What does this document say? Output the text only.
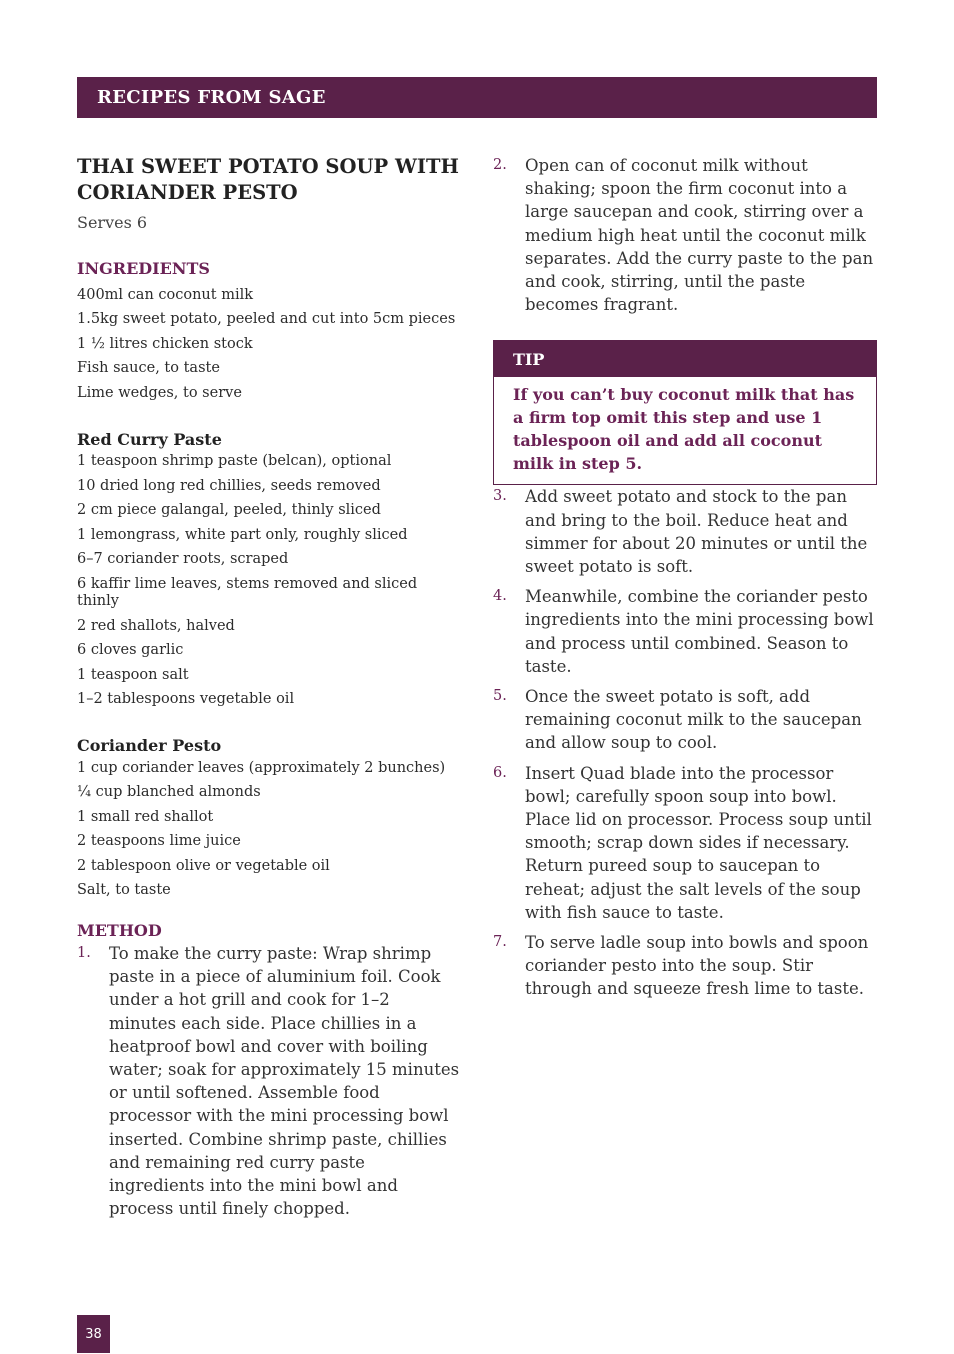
RECIPES FROM SAGE
THAI SWEET POTATO SOUP WITH CORIANDER PESTO
Serves 6
INGREDIENTS
400ml can coconut milk
1.5kg sweet potato, peeled and cut into 5cm pieces
1 ½ litres chicken stock
Fish sauce, to taste
Lime wedges, to serve
Red Curry Paste
1 teaspoon shrimp paste (belcan), optional
10 dried long red chillies, seeds removed
2 cm piece galangal, peeled, thinly sliced
1 lemongrass, white part only, roughly sliced
6–7 coriander roots, scraped
6 kaffir lime leaves, stems removed and sliced thinly
2 red shallots, halved
6 cloves garlic
1 teaspoon salt
1–2 tablespoons vegetable oil
Coriander Pesto
1 cup coriander leaves (approximately 2 bunches)
¼ cup blanched almonds
1 small red shallot
2 teaspoons lime juice
2 tablespoon olive or vegetable oil
Salt, to taste
METHOD
1. To make the curry paste: Wrap shrimp paste in a piece of aluminium foil. Cook under a hot grill and cook for 1–2 minutes each side. Place chillies in a heatproof bowl and cover with boiling water; soak for approximately 15 minutes or until softened. Assemble food processor with the mini processing bowl inserted. Combine shrimp paste, chillies and remaining red curry paste ingredients into the mini bowl and process until finely chopped.
2. Open can of coconut milk without shaking; spoon the firm coconut into a large saucepan and cook, stirring over a medium high heat until the coconut milk separates. Add the curry paste to the pan and cook, stirring, until the paste becomes fragrant.
TIP
If you can’t buy coconut milk that has a firm top omit this step and use 1 tablespoon oil and add all coconut milk in step 5.
3. Add sweet potato and stock to the pan and bring to the boil. Reduce heat and simmer for about 20 minutes or until the sweet potato is soft.
4. Meanwhile, combine the coriander pesto ingredients into the mini processing bowl and process until combined. Season to taste.
5. Once the sweet potato is soft, add remaining coconut milk to the saucepan and allow soup to cool.
6. Insert Quad blade into the processor bowl; carefully spoon soup into bowl. Place lid on processor. Process soup until smooth; scrap down sides if necessary. Return pureed soup to saucepan to reheat; adjust the salt levels of the soup with fish sauce to taste.
7. To serve ladle soup into bowls and spoon coriander pesto into the soup. Stir through and squeeze fresh lime to taste.
38
